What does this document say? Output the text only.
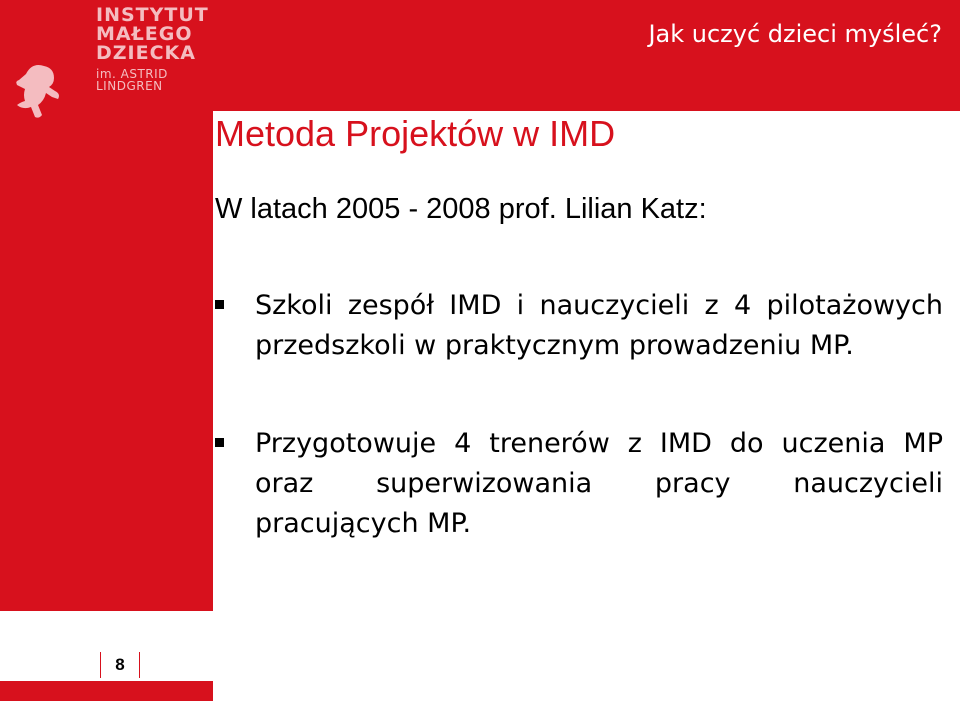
INSTYTUT
MAŁEGO
DZIECKA
im. ASTRID
LINDGREN
Jak uczyć dzieci myśleć?
Metoda Projektów w IMD
W latach 2005 - 2008 prof. Lilian Katz:
Szkoli zespół IMD i nauczycieli z 4 pilotażowych przedszkoli w praktycznym prowadzeniu MP.
Przygotowuje 4 trenerów z IMD do uczenia MP oraz superwizowania pracy nauczycieli pracujących MP.
8
